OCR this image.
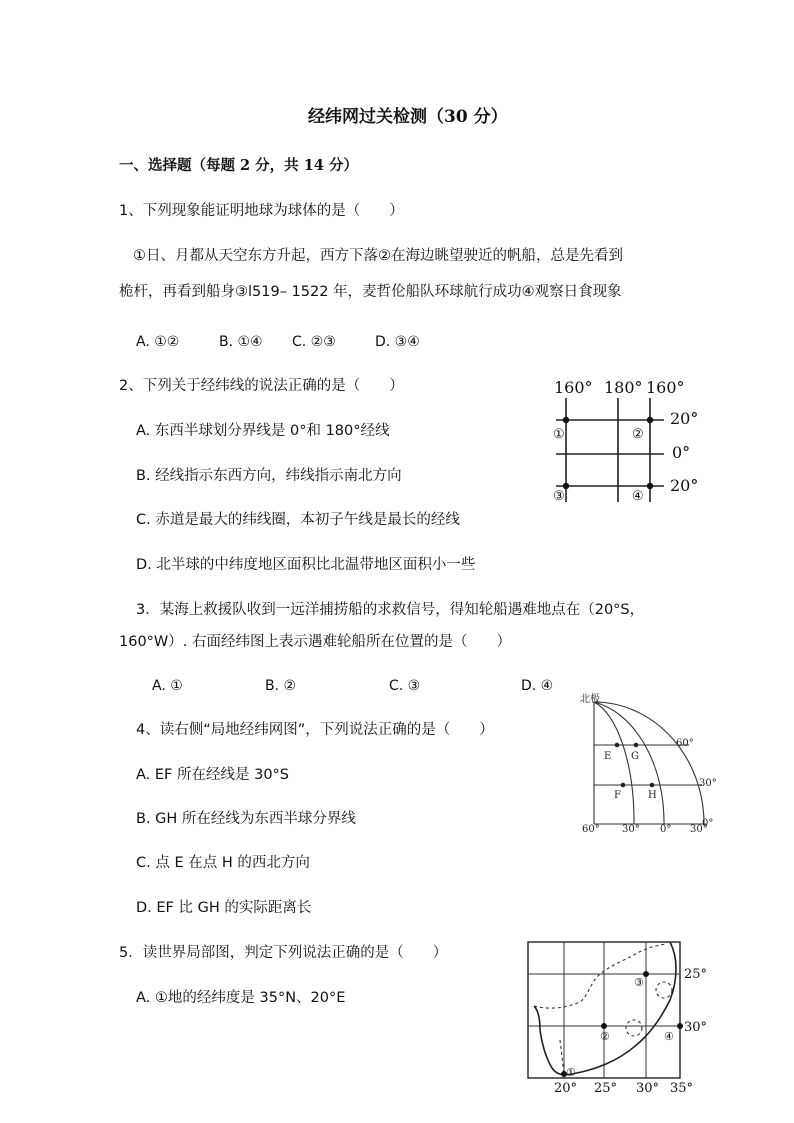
经纬网过关检测（30 分）
一、选择题（每题 2 分，共 14 分）
1、下列现象能证明地球为球体的是（　　）
①日、月都从天空东方升起，西方下落②在海边眺望驶近的帆船，总是先看到
桅杆，再看到船身③l519– 1522 年，麦哲伦船队环球航行成功④观察日食现象
A. ①②	B. ①④ C. ②③	D. ③④
2、下列关于经纬线的说法正确的是（　　）
A. 东西半球划分界线是 0°和 180°经线
B. 经线指示东西方向，纬线指示南北方向
C. 赤道是最大的纬线圈，本初子午线是最长的经线
D. 北半球的中纬度地区面积比北温带地区面积小一些
160° 180° 160°
20°
0°
20°
①	②
③	④
3．某海上救援队收到一远洋捕捞船的求救信号，得知轮船遇难地点在（20°S，
160°W）. 右面经纬图上表示遇难轮船所在位置的是（　　）
A. ①	B. ②	C. ③	D. ④
4、读右侧“局地经纬网图”，下列说法正确的是（　　）
A. EF 所在经线是 30°S
B. GH 所在经线为东西半球分界线
C. 点 E 在点 H 的西北方向
D. EF 比 GH 的实际距离长
北极
60°
30°
0°
60° 30° 0° 30°
E G
F	H
5．读世界局部图，判定下列说法正确的是（　　）
A. ①地的经纬度是 35°N、20°E
25°
30°
20° 25° 30° 35°
①
②
③
④
